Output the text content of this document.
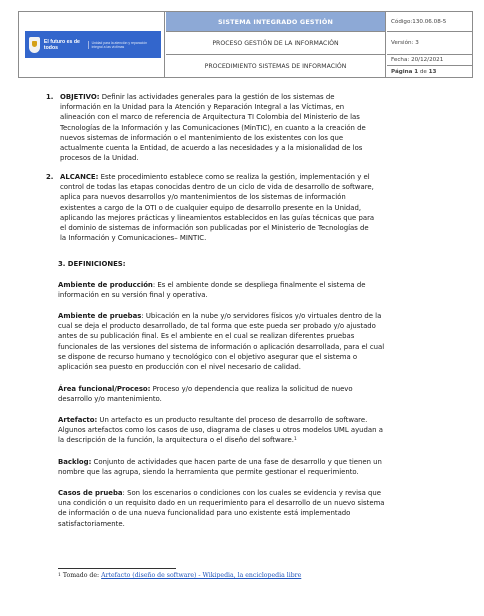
El futuro es de todos
Unidad para la atención y reparación integral a las víctimas
SISTEMA INTEGRADO GESTIÓN
PROCESO GESTIÓN DE LA INFORMACIÓN
PROCEDIMIENTO SISTEMAS DE INFORMACIÓN
Código:130.06.08-5
Versión: 3
Fecha: 20/12/2021
Página
1
de
13
1. OBJETIVO: Definir las actividades generales para la gestión de los sistemas de
información en la Unidad para la Atención y Reparación Integral a las Víctimas, en
alineación con el marco de referencia de Arquitectura TI Colombia del Ministerio de las
Tecnologías de la Información y las Comunicaciones (MinTIC), en cuanto a la creación de
nuevos sistemas de información o el mantenimiento de los existentes con los que
actualmente cuenta la Entidad, de acuerdo a las necesidades y a la misionalidad de los
procesos de la Unidad.
2. ALCANCE: Este procedimiento establece como se realiza la gestión, implementación y el
control de todas las etapas conocidas dentro de un ciclo de vida de desarrollo de software,
aplica para nuevos desarrollos y/o mantenimientos de los sistemas de información
existentes a cargo de la OTI o de cualquier equipo de desarrollo presente en la Unidad,
aplicando las mejores prácticas y lineamientos establecidos en las guías técnicas que para
el dominio de sistemas de información son publicadas por el Ministerio de Tecnologías de
la Información y Comunicaciones– MINTIC.
3. DEFINICIONES:
Ambiente de producción: Es el ambiente donde se despliega finalmente el sistema de
información en su versión final y operativa.
Ambiente de pruebas: Ubicación en la nube y/o servidores físicos y/o virtuales dentro de la
cual se deja el producto desarrollado, de tal forma que este pueda ser probado y/o ajustado
antes de su publicación final. Es el ambiente en el cual se realizan diferentes pruebas
funcionales de las versiones del sistema de información o aplicación desarrollada, para el cual
se dispone de recurso humano y tecnológico con el objetivo asegurar que el sistema o
aplicación sea puesto en producción con el nivel necesario de calidad.
Área funcional/Proceso: Proceso y/o dependencia que realiza la solicitud de nuevo
desarrollo y/o mantenimiento.
Artefacto: Un artefacto es un producto resultante del proceso de desarrollo de software.
Algunos artefactos como los casos de uso, diagrama de clases u otros modelos UML ayudan a
la descripción de la función, la arquitectura o el diseño del software.$^1$
Backlog: Conjunto de actividades que hacen parte de una fase de desarrollo y que tienen un
nombre que las agrupa, siendo la herramienta que permite gestionar el requerimiento.
Casos de prueba: Son los escenarios o condiciones con los cuales se evidencia y revisa que
una condición o un requisito dado en un requerimiento para el desarrollo de un nuevo sistema
de información o de una nueva funcionalidad para uno existente está implementado
satisfactoriamente.
$^1$ Tomado de: Artefacto (diseño de software) - Wikipedia, la enciclopedia libre
